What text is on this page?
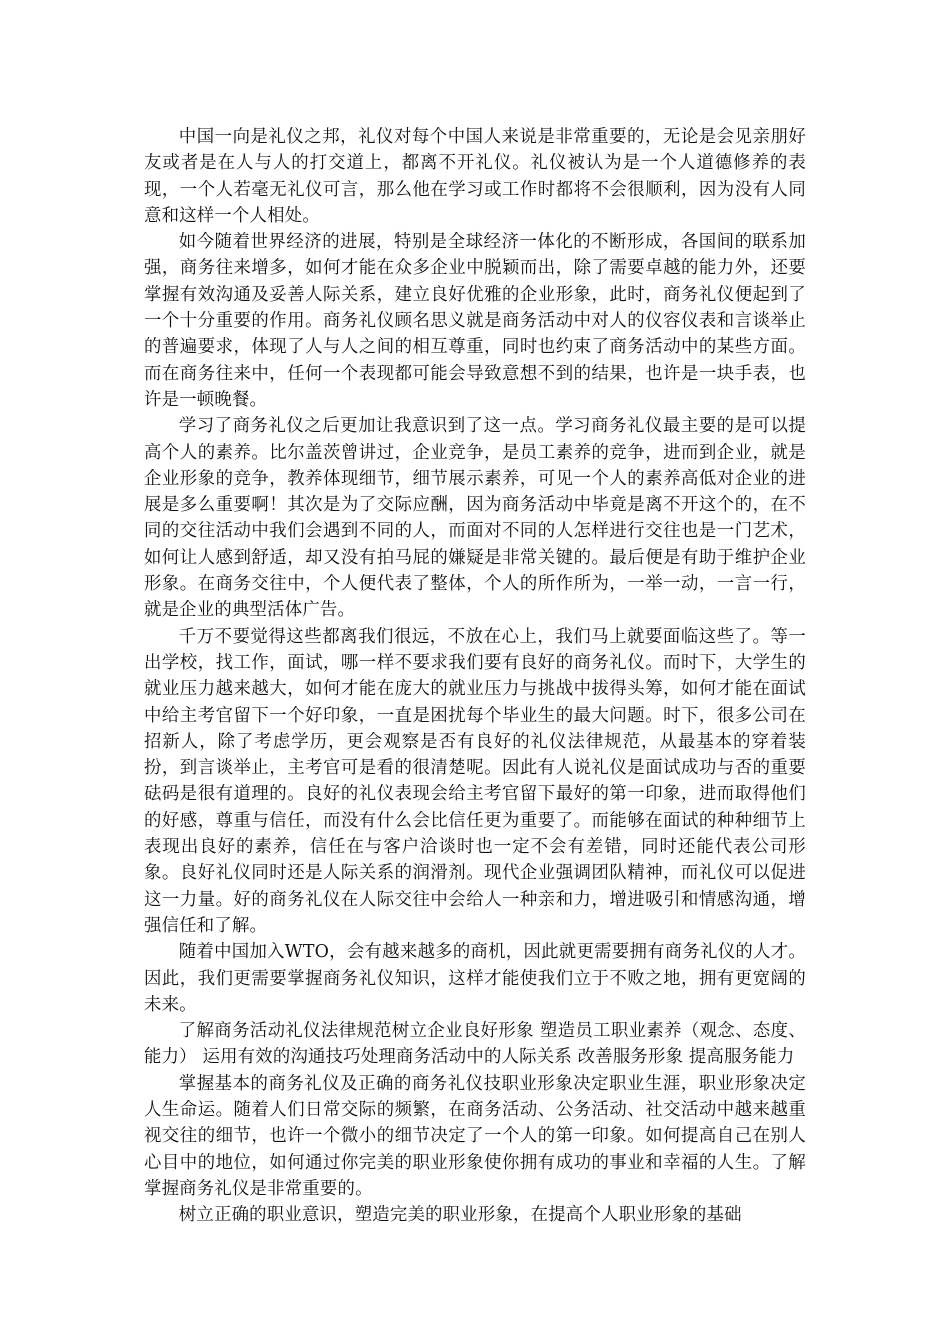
中国一向是礼仪之邦，礼仪对每个中国人来说是非常重要的，无论是会见亲朋好友或者是在人与人的打交道上，都离不开礼仪。礼仪被认为是一个人道德修养的表现，一个人若毫无礼仪可言，那么他在学习或工作时都将不会很顺利，因为没有人同意和这样一个人相处。

如今随着世界经济的进展，特别是全球经济一体化的不断形成，各国间的联系加强，商务往来增多，如何才能在众多企业中脱颖而出，除了需要卓越的能力外，还要掌握有效沟通及妥善人际关系，建立良好优雅的企业形象，此时，商务礼仪便起到了一个十分重要的作用。商务礼仪顾名思义就是商务活动中对人的仪容仪表和言谈举止的普遍要求，体现了人与人之间的相互尊重，同时也约束了商务活动中的某些方面。而在商务往来中，任何一个表现都可能会导致意想不到的结果，也许是一块手表，也许是一顿晚餐。

学习了商务礼仪之后更加让我意识到了这一点。学习商务礼仪最主要的是可以提高个人的素养。比尔盖茨曾讲过，企业竞争，是员工素养的竞争，进而到企业，就是企业形象的竞争，教养体现细节，细节展示素养，可见一个人的素养高低对企业的进展是多么重要啊！其次是为了交际应酬，因为商务活动中毕竟是离不开这个的，在不同的交往活动中我们会遇到不同的人，而面对不同的人怎样进行交往也是一门艺术，如何让人感到舒适，却又没有拍马屁的嫌疑是非常关键的。最后便是有助于维护企业形象。在商务交往中，个人便代表了整体，个人的所作所为，一举一动，一言一行，就是企业的典型活体广告。

千万不要觉得这些都离我们很远，不放在心上，我们马上就要面临这些了。等一出学校，找工作，面试，哪一样不要求我们要有良好的商务礼仪。而时下，大学生的就业压力越来越大，如何才能在庞大的就业压力与挑战中拔得头筹，如何才能在面试中给主考官留下一个好印象，一直是困扰每个毕业生的最大问题。时下，很多公司在招新人，除了考虑学历，更会观察是否有良好的礼仪法律规范，从最基本的穿着装扮，到言谈举止，主考官可是看的很清楚呢。因此有人说礼仪是面试成功与否的重要砝码是很有道理的。良好的礼仪表现会给主考官留下最好的第一印象，进而取得他们的好感，尊重与信任，而没有什么会比信任更为重要了。而能够在面试的种种细节上表现出良好的素养，信任在与客户洽谈时也一定不会有差错，同时还能代表公司形象。良好礼仪同时还是人际关系的润滑剂。现代企业强调团队精神，而礼仪可以促进这一力量。好的商务礼仪在人际交往中会给人一种亲和力，增进吸引和情感沟通，增强信任和了解。

随着中国加入WTO，会有越来越多的商机，因此就更需要拥有商务礼仪的人才。因此，我们更需要掌握商务礼仪知识，这样才能使我们立于不败之地，拥有更宽阔的未来。

了解商务活动礼仪法律规范树立企业良好形象 塑造员工职业素养（观念、态度、能力） 运用有效的沟通技巧处理商务活动中的人际关系 改善服务形象 提高服务能力

掌握基本的商务礼仪及正确的商务礼仪技职业形象决定职业生涯，职业形象决定人生命运。随着人们日常交际的频繁，在商务活动、公务活动、社交活动中越来越重视交往的细节，也许一个微小的细节决定了一个人的第一印象。如何提高自己在别人心目中的地位，如何通过你完美的职业形象使你拥有成功的事业和幸福的人生。了解掌握商务礼仪是非常重要的。

树立正确的职业意识，塑造完美的职业形象，在提高个人职业形象的基础
